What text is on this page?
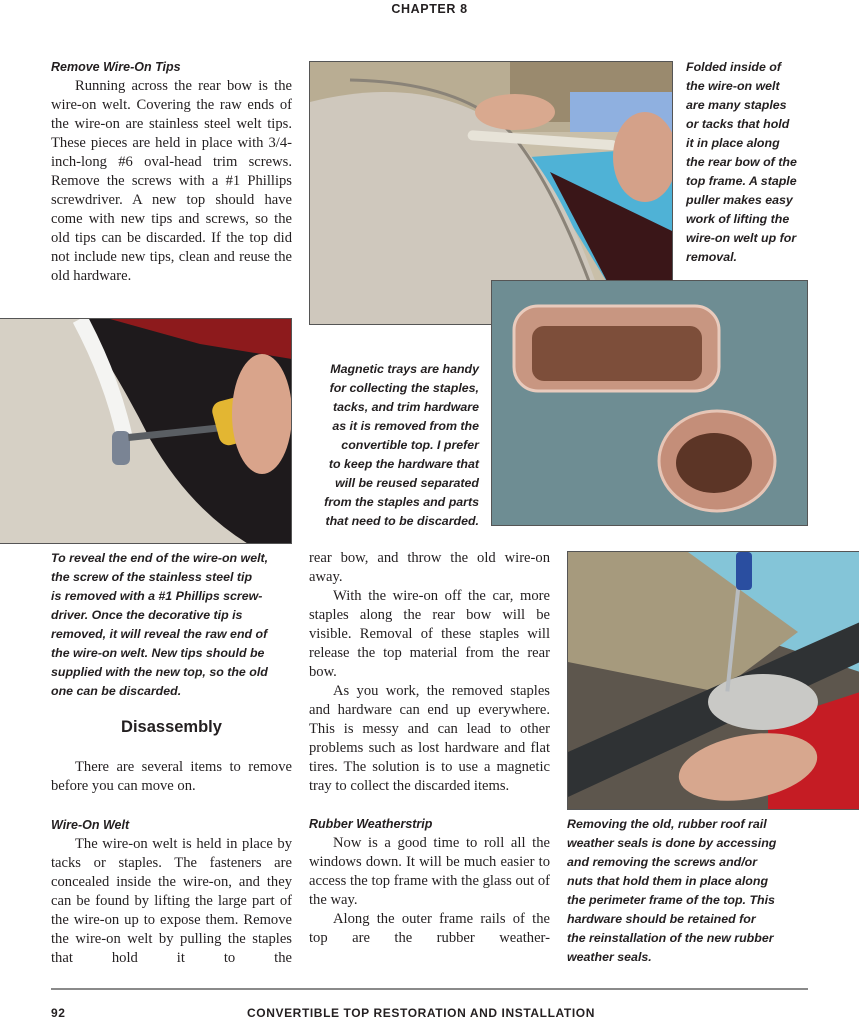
CHAPTER 8
Remove Wire-On Tips

Running across the rear bow is the wire-on welt. Covering the raw ends of the wire-on are stainless steel welt tips. These pieces are held in place with 3/4-inch-long #6 oval-head trim screws. Remove the screws with a #1 Phillips screwdriver. A new top should have come with new tips and screws, so the old tips can be discarded. If the top did not include new tips, clean and reuse the old hardware.

Folded inside of
the wire-on welt
are many staples
or tacks that hold
it in place along
the rear bow of the
top frame. A staple
puller makes easy
work of lifting the
wire-on welt up for
removal.
Magnetic trays are handy
for collecting the staples,
tacks, and trim hardware
as it is removed from the
convertible top. I prefer
to keep the hardware that
will be reused separated
from the staples and parts
that need to be discarded.
To reveal the end of the wire-on welt,
the screw of the stainless steel tip
is removed with a #1 Phillips screw-
driver. Once the decorative tip is
removed, it will reveal the raw end of
the wire-on welt. New tips should be
supplied with the new top, so the old
one can be discarded.
Disassembly

There are several items to remove before you can move on.

Wire-On Welt

The wire-on welt is held in place by tacks or staples. The fasteners are concealed inside the wire-on, and they can be found by lifting the large part of the wire-on up to expose them. Remove the wire-on welt by pulling the staples that hold it to the

rear bow, and throw the old wire-on away.

With the wire-on off the car, more staples along the rear bow will be visible. Removal of these staples will release the top material from the rear bow.

As you work, the removed staples and hardware can end up everywhere. This is messy and can lead to other problems such as lost hardware and flat tires. The solution is to use a magnetic tray to collect the discarded items.

Rubber Weatherstrip

Now is a good time to roll all the windows down. It will be much easier to access the top frame with the glass out of the way.

Along the outer frame rails of the top are the rubber weather-

Removing the old, rubber roof rail
weather seals is done by accessing
and removing the screws and/or
nuts that hold them in place along
the perimeter frame of the top. This
hardware should be retained for
the reinstallation of the new rubber
weather seals.
92	CONVERTIBLE TOP RESTORATION AND INSTALLATION
